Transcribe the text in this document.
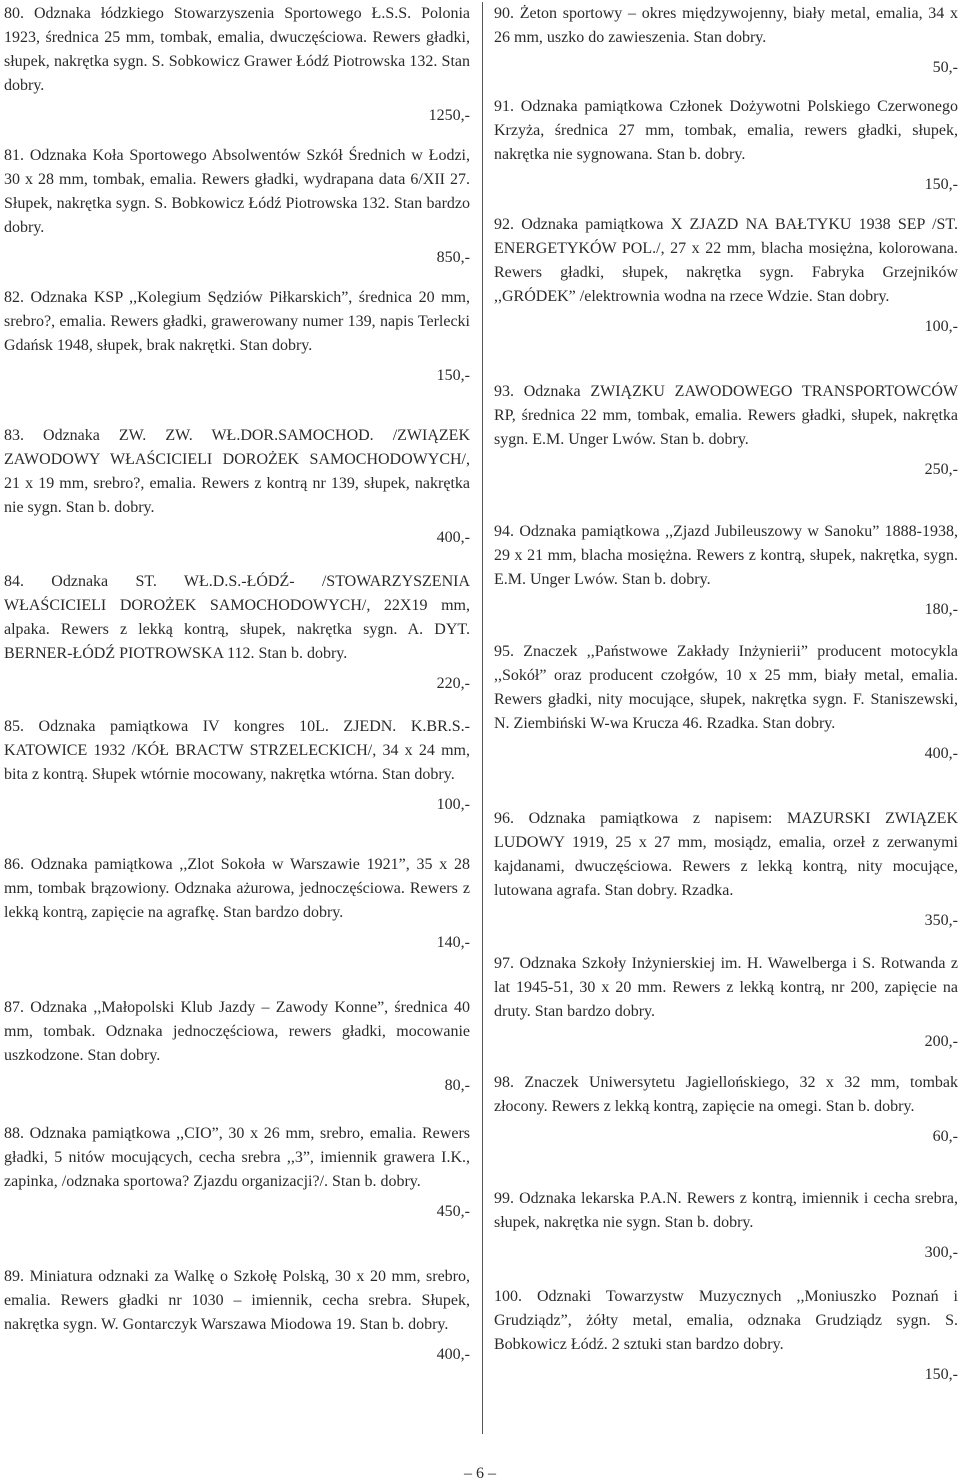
80. Odznaka łódzkiego Stowarzyszenia Sportowego Ł.S.S. Polonia 1923, średnica 25 mm, tombak, emalia, dwuczęściowa. Rewers gładki, słupek, nakrętka sygn. S. Sobkowicz Grawer Łódź Piotrowska 132. Stan dobry.

1250,-

81. Odznaka Koła Sportowego Absolwentów Szkół Średnich w Łodzi, 30 x 28 mm, tombak, emalia. Rewers gładki, wydrapana data 6/XII 27. Słupek, nakrętka sygn. S. Bobkowicz Łódź Piotrowska 132. Stan bardzo dobry.

850,-

82. Odznaka KSP ,,Kolegium Sędziów Piłkarskich”, średnica 20 mm, srebro?, emalia. Rewers gładki, grawerowany numer 139, napis Terlecki Gdańsk 1948, słupek, brak nakrętki. Stan dobry.

150,-

83. Odznaka ZW. ZW. WŁ.DOR.SAMOCHOD. /ZWIĄZEK ZAWODOWY WŁAŚCICIELI DOROŻEK SAMOCHODOWYCH/, 21 x 19 mm, srebro?, emalia. Rewers z kontrą nr 139, słupek, nakrętka nie sygn. Stan b. dobry.

400,-

84. Odznaka ST. WŁ.D.S.-ŁÓDŹ- /STOWARZYSZENIA WŁAŚCICIELI DOROŻEK SAMOCHODOWYCH/, 22X19 mm, alpaka. Rewers z lekką kontrą, słupek, nakrętka sygn. A. DYT. BERNER-ŁÓDŹ PIOTROWSKA 112. Stan b. dobry.

220,-

85. Odznaka pamiątkowa IV kongres 10L. ZJEDN. K.BR.S.-KATOWICE 1932 /KÓŁ BRACTW STRZELECKICH/, 34 x 24 mm, bita z kontrą. Słupek wtórnie mocowany, nakrętka wtórna. Stan dobry.

100,-

86. Odznaka pamiątkowa ,,Zlot Sokoła w Warszawie 1921”, 35 x 28 mm, tombak brązowiony. Odznaka ażurowa, jednoczęściowa. Rewers z lekką kontrą, zapięcie na agrafkę. Stan bardzo dobry.

140,-

87. Odznaka ,,Małopolski Klub Jazdy – Zawody Konne”, średnica 40 mm, tombak. Odznaka jednoczęściowa, rewers gładki, mocowanie uszkodzone. Stan dobry.

80,-

88. Odznaka pamiątkowa ,,CIO”, 30 x 26 mm, srebro, emalia. Rewers gładki, 5 nitów mocujących, cecha srebra ,,3”, imiennik grawera I.K., zapinka, /odznaka sportowa? Zjazdu organizacji?/. Stan b. dobry.

450,-

89. Miniatura odznaki za Walkę o Szkołę Polską, 30 x 20 mm, srebro, emalia. Rewers gładki nr 1030 – imiennik, cecha srebra. Słupek, nakrętka sygn. W. Gontarczyk Warszawa Miodowa 19. Stan b. dobry.

400,-

90. Żeton sportowy – okres międzywojenny, biały metal, emalia, 34 x 26 mm, uszko do zawieszenia. Stan dobry.

50,-

91. Odznaka pamiątkowa Członek Dożywotni Polskiego Czerwonego Krzyża, średnica 27 mm, tombak, emalia, rewers gładki, słupek, nakrętka nie sygnowana. Stan b. dobry.

150,-

92. Odznaka pamiątkowa X ZJAZD NA BAŁTYKU 1938 SEP /ST. ENERGETYKÓW POL./, 27 x 22 mm, blacha mosiężna, kolorowana. Rewers gładki, słupek, nakrętka sygn. Fabryka Grzejników ,,GRÓDEK” /elektrownia wodna na rzece Wdzie. Stan dobry.

100,-

93. Odznaka ZWIĄZKU ZAWODOWEGO TRANSPORTOWCÓW RP, średnica 22 mm, tombak, emalia. Rewers gładki, słupek, nakrętka sygn. E.M. Unger Lwów. Stan b. dobry.

250,-

94. Odznaka pamiątkowa ,,Zjazd Jubileuszowy w Sanoku” 1888-1938, 29 x 21 mm, blacha mosiężna. Rewers z kontrą, słupek, nakrętka, sygn. E.M. Unger Lwów. Stan b. dobry.

180,-

95. Znaczek ,,Państwowe Zakłady Inżynierii” producent motocykla ,,Sokół” oraz producent czołgów, 10 x 25 mm, biały metal, emalia. Rewers gładki, nity mocujące, słupek, nakrętka sygn. F. Staniszewski, N. Ziembiński W-wa Krucza 46. Rzadka. Stan dobry.

400,-

96. Odznaka pamiątkowa z napisem: MAZURSKI ZWIĄZEK LUDOWY 1919, 25 x 27 mm, mosiądz, emalia, orzeł z zerwanymi kajdanami, dwuczęściowa. Rewers z lekką kontrą, nity mocujące, lutowana agrafa. Stan dobry. Rzadka.

350,-

97. Odznaka Szkoły Inżynierskiej im. H. Wawelberga i S. Rotwanda z lat 1945-51, 30 x 20 mm. Rewers z lekką kontrą, nr 200, zapięcie na druty. Stan bardzo dobry.

200,-

98. Znaczek Uniwersytetu Jagiellońskiego, 32 x 32 mm, tombak złocony. Rewers z lekką kontrą, zapięcie na omegi. Stan b. dobry.

60,-

99. Odznaka lekarska P.A.N. Rewers z kontrą, imiennik i cecha srebra, słupek, nakrętka nie sygn. Stan b. dobry.

300,-

100. Odznaki Towarzystw Muzycznych ,,Moniuszko Poznań i Grudziądz”, żółty metal, emalia, odznaka Grudziądz sygn. S. Bobkowicz Łódź. 2 sztuki stan bardzo dobry.

150,-

– 6 –
